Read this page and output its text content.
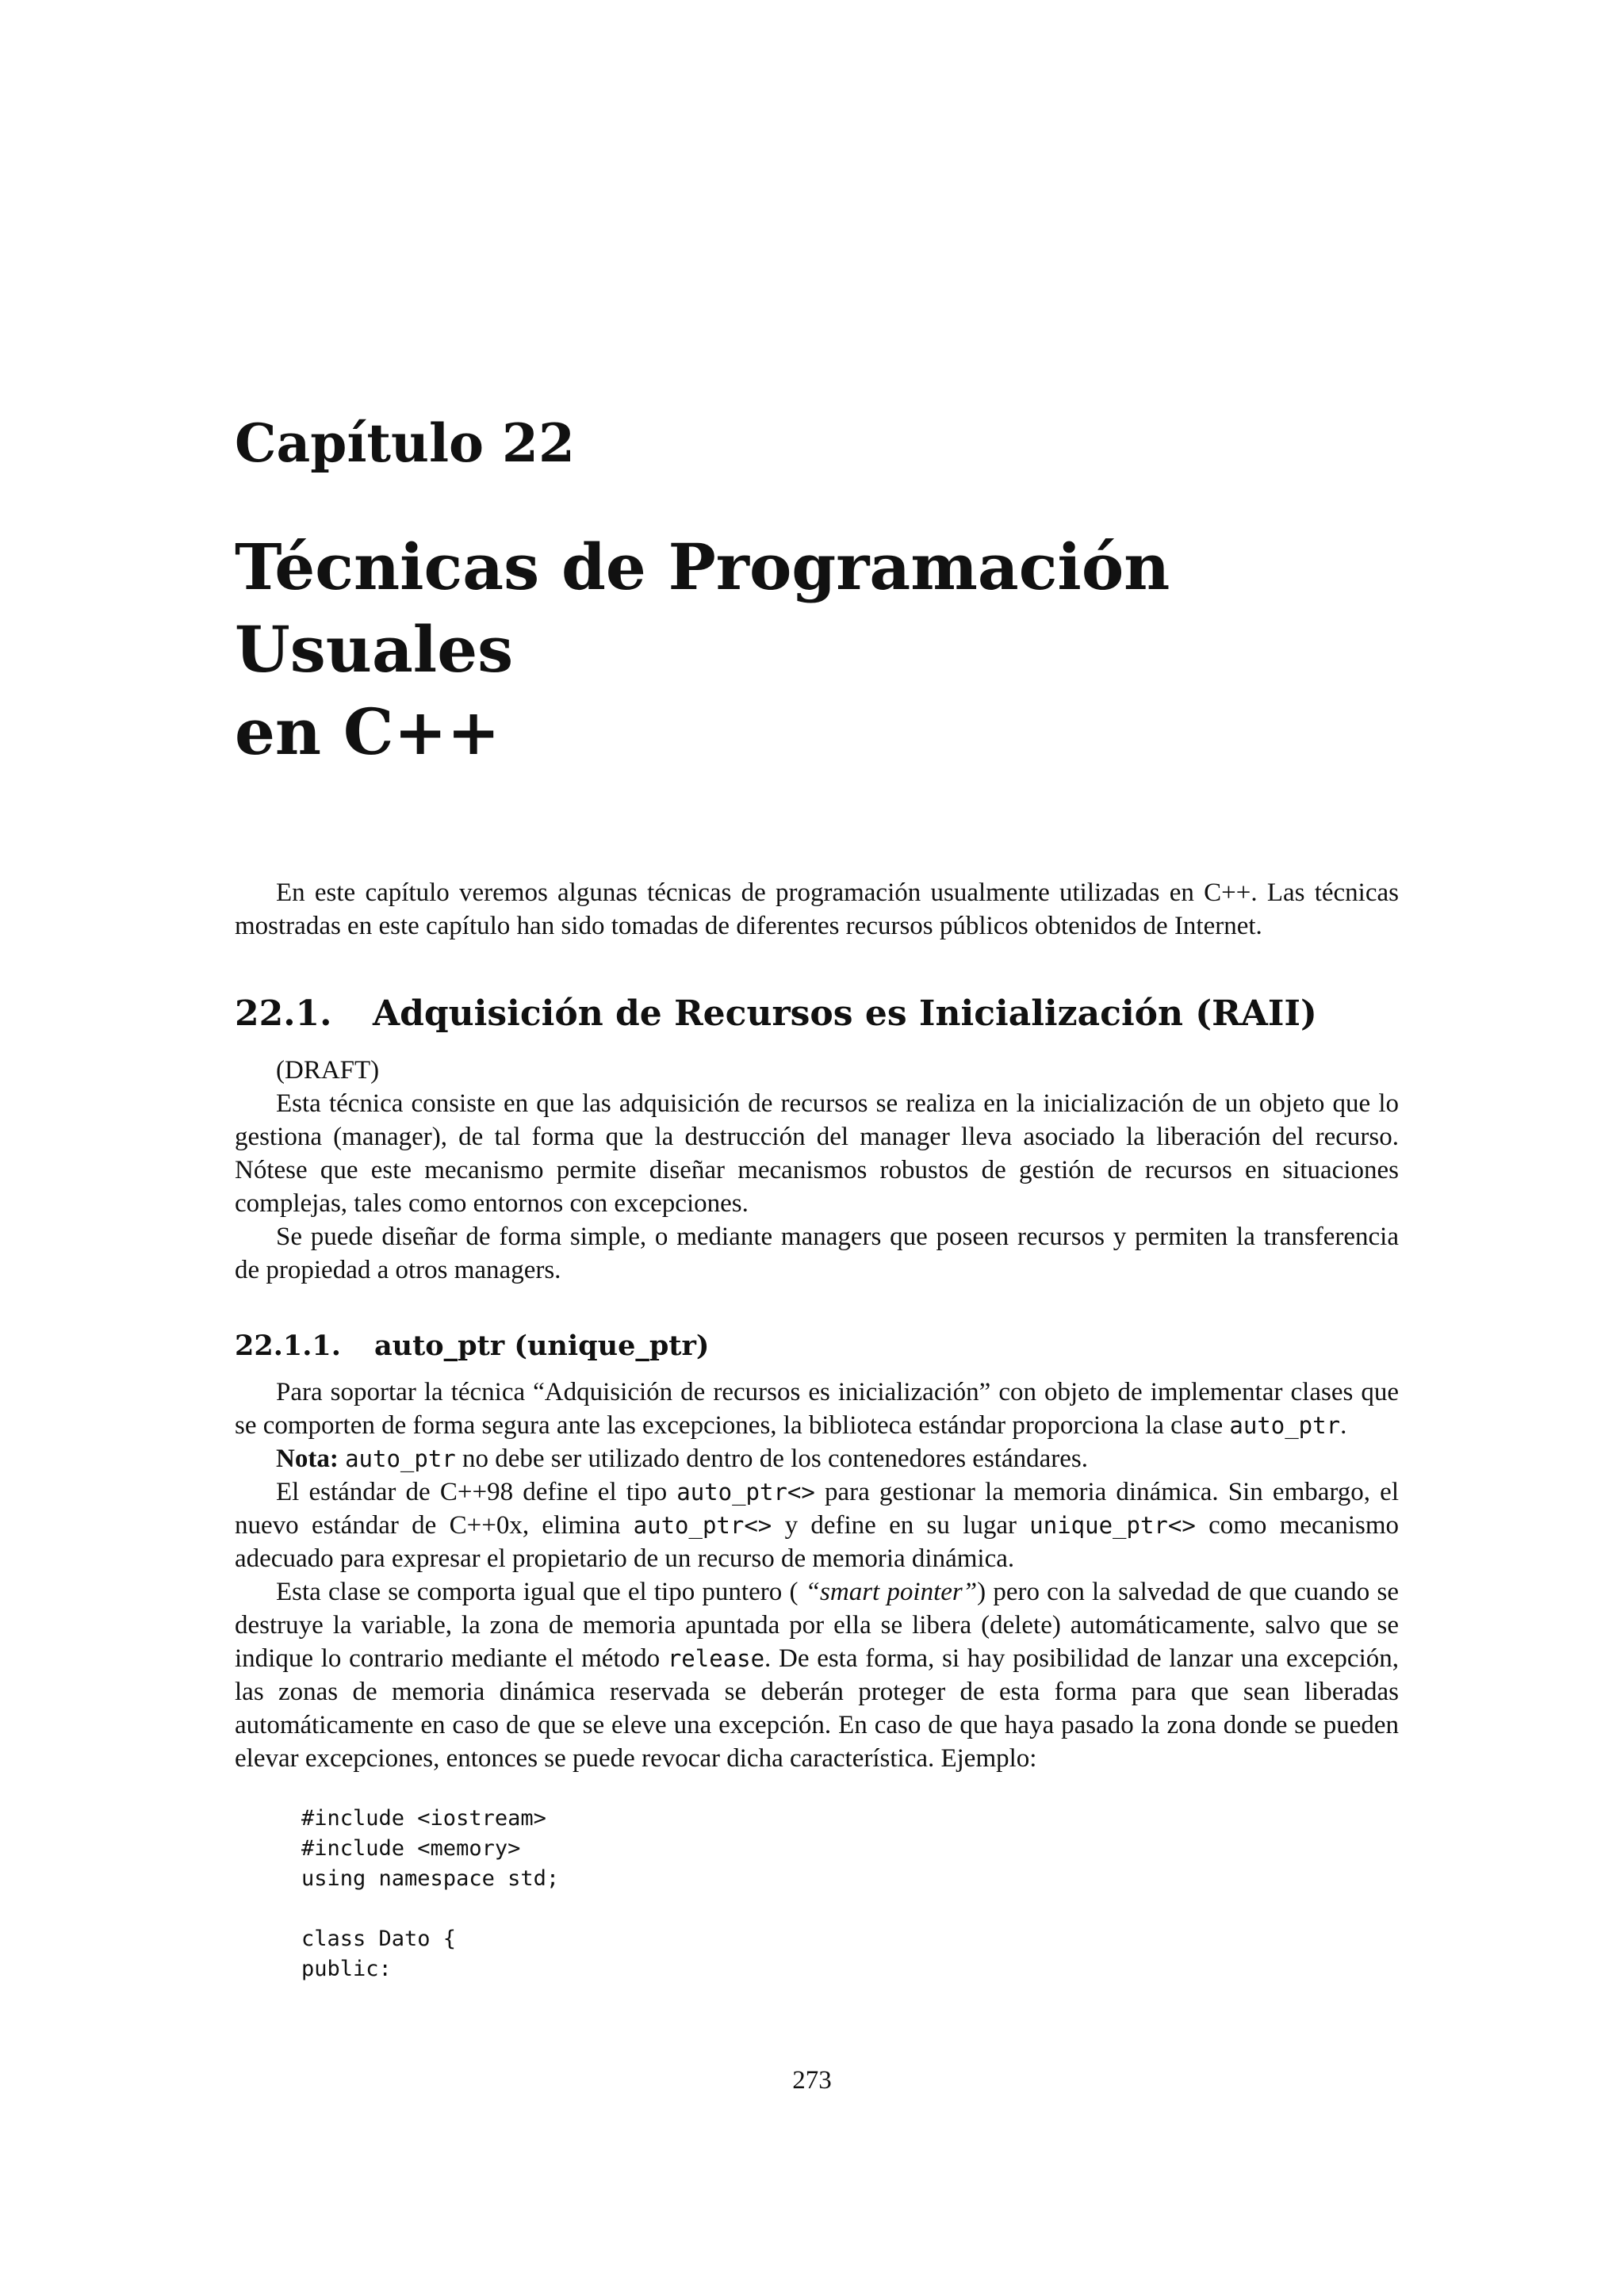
Capítulo 22
Técnicas de Programación Usuales
en C++

En este capítulo veremos algunas técnicas de programación usualmente utilizadas en C++. Las técnicas mostradas en este capítulo han sido tomadas de diferentes recursos públicos obtenidos de Internet.

22.1. Adquisición de Recursos es Inicialización (RAII)

(DRAFT)

Esta técnica consiste en que las adquisición de recursos se realiza en la inicialización de un objeto que lo gestiona (manager), de tal forma que la destrucción del manager lleva asociado la liberación del recurso. Nótese que este mecanismo permite diseñar mecanismos robustos de gestión de recursos en situaciones complejas, tales como entornos con excepciones.

Se puede diseñar de forma simple, o mediante managers que poseen recursos y permiten la transferencia de propiedad a otros managers.

22.1.1. auto_ptr (unique_ptr)

Para soportar la técnica “Adquisición de recursos es inicialización” con objeto de implementar clases que se comporten de forma segura ante las excepciones, la biblioteca estándar proporciona la clase auto_ptr.

Nota: auto_ptr no debe ser utilizado dentro de los contenedores estándares.

El estándar de C++98 define el tipo auto_ptr<> para gestionar la memoria dinámica. Sin embargo, el nuevo estándar de C++0x, elimina auto_ptr<> y define en su lugar unique_ptr<> como mecanismo adecuado para expresar el propietario de un recurso de memoria dinámica.

Esta clase se comporta igual que el tipo puntero ( “smart pointer”) pero con la salvedad de que cuando se destruye la variable, la zona de memoria apuntada por ella se libera (delete) automáticamente, salvo que se indique lo contrario mediante el método release. De esta forma, si hay posibilidad de lanzar una excepción, las zonas de memoria dinámica reservada se deberán proteger de esta forma para que sean liberadas automáticamente en caso de que se eleve una excepción. En caso de que haya pasado la zona donde se pueden elevar excepciones, entonces se puede revocar dicha característica. Ejemplo:

#include <iostream>
#include <memory>
using namespace std;
class Dato {
public:
273
